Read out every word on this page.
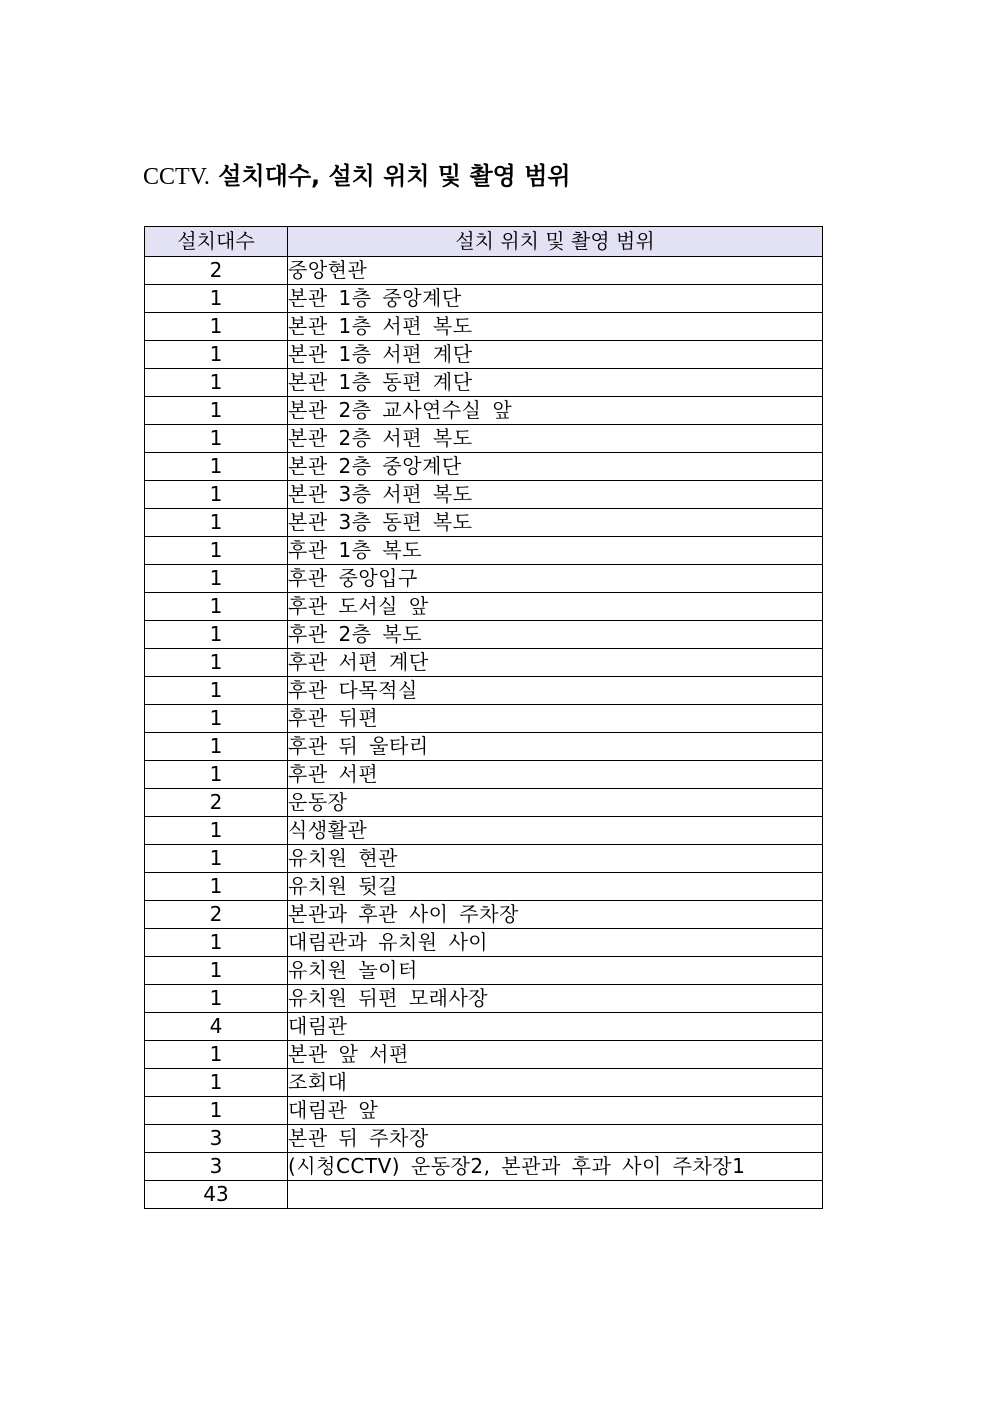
CCTV. 설치대수, 설치 위치 및 촬영 범위
설치대수	설치 위치 및 촬영 범위
2	중앙현관
1	본관 1층 중앙계단
1	본관 1층 서편 복도
1	본관 1층 서편 계단
1	본관 1층 동편 계단
1	본관 2층 교사연수실 앞
1	본관 2층 서편 복도
1	본관 2층 중앙계단
1	본관 3층 서편 복도
1	본관 3층 동편 복도
1	후관 1층 복도
1	후관 중앙입구
1	후관 도서실 앞
1	후관 2층 복도
1	후관 서편 계단
1	후관 다목적실
1	후관 뒤편
1	후관 뒤 울타리
1	후관 서편
2	운동장
1	식생활관
1	유치원 현관
1	유치원 뒷길
2	본관과 후관 사이 주차장
1	대림관과 유치원 사이
1	유치원 놀이터
1	유치원 뒤편 모래사장
4	대림관
1	본관 앞 서편
1	조회대
1	대림관 앞
3	본관 뒤 주차장
3	(시청CCTV) 운동장2, 본관과 후과 사이 주차장1
43	
